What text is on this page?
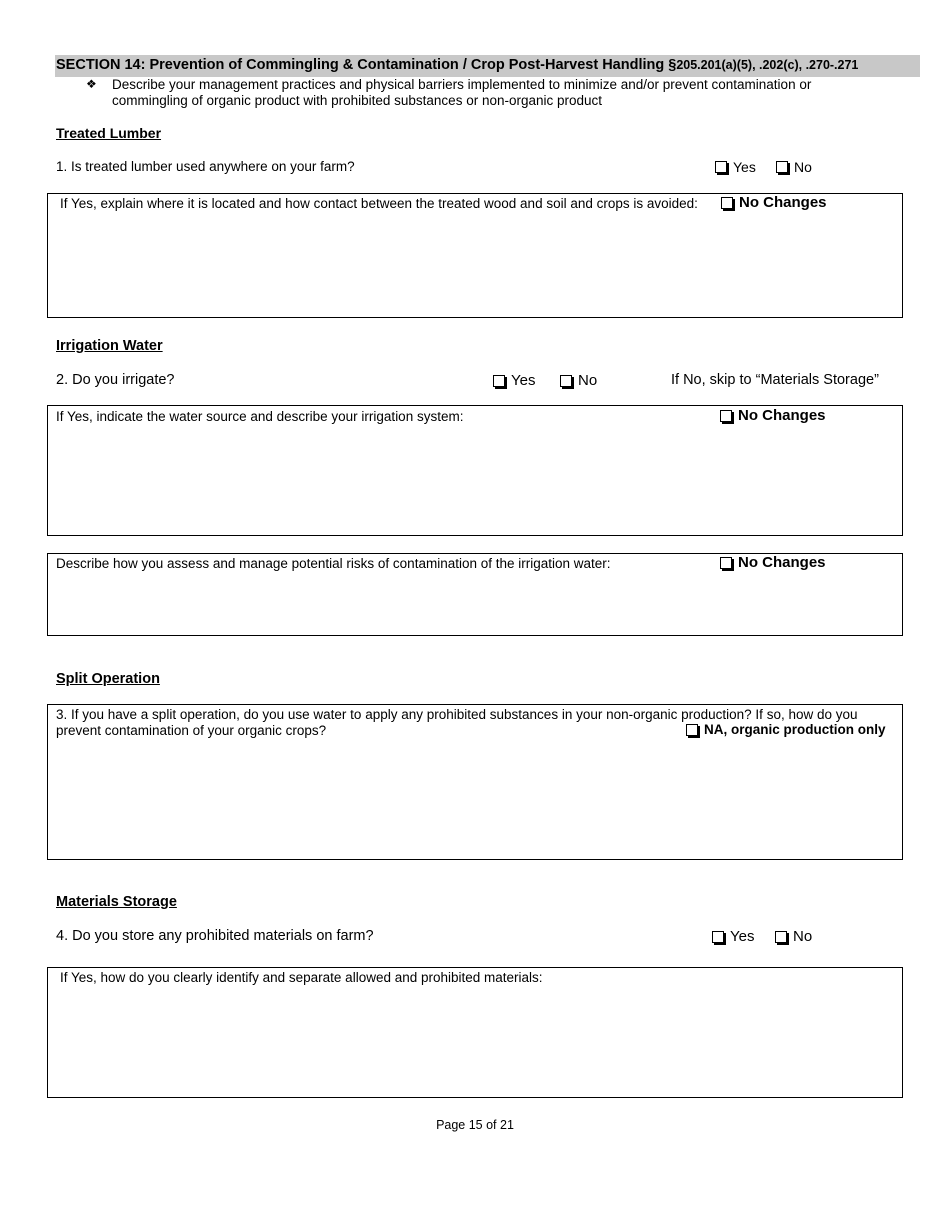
SECTION 14: Prevention of Commingling & Contamination / Crop Post-Harvest Handling §205.201(a)(5), .202(c), .270-.271
❖ Describe your management practices and physical barriers implemented to minimize and/or prevent contamination or commingling of organic product with prohibited substances or non-organic product
Treated Lumber
1. Is treated lumber used anywhere on your farm?	Yes	No
If Yes, explain where it is located and how contact between the treated wood and soil and crops is avoided:	No Changes
Irrigation Water
2. Do you irrigate?	Yes	No	If No, skip to “Materials Storage”
If Yes, indicate the water source and describe your irrigation system:	No Changes
Describe how you assess and manage potential risks of contamination of the irrigation water:	No Changes
Split Operation
3. If you have a split operation, do you use water to apply any prohibited substances in your non-organic production? If so, how do you
prevent contamination of your organic crops?	NA, organic production only
Materials Storage
4. Do you store any prohibited materials on farm?	Yes	No
If Yes, how do you clearly identify and separate allowed and prohibited materials:
Page 15 of 21
